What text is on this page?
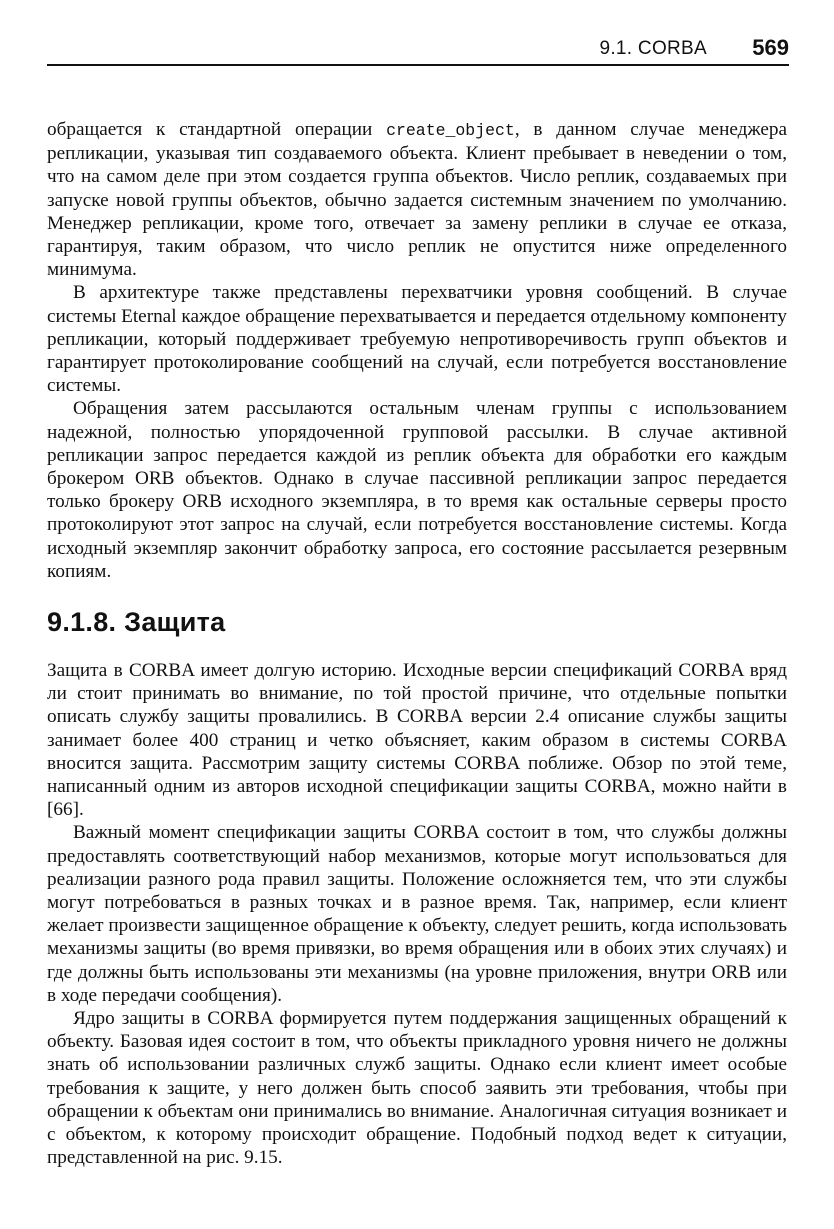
9.1. CORBA 569

обращается к стандартной операции create_object, в данном случае менеджера репликации, указывая тип создаваемого объекта. Клиент пребывает в неведении о том, что на самом деле при этом создается группа объектов. Число реплик, создаваемых при запуске новой группы объектов, обычно задается системным значением по умолчанию. Менеджер репликации, кроме того, отвечает за замену реплики в случае ее отказа, гарантируя, таким образом, что число реплик не опустится ниже определенного минимума.

В архитектуре также представлены перехватчики уровня сообщений. В случае системы Eternal каждое обращение перехватывается и передается отдельному компоненту репликации, который поддерживает требуемую непротиворечивость групп объектов и гарантирует протоколирование сообщений на случай, если потребуется восстановление системы.

Обращения затем рассылаются остальным членам группы с использованием надежной, полностью упорядоченной групповой рассылки. В случае активной репликации запрос передается каждой из реплик объекта для обработки его каждым брокером ORB объектов. Однако в случае пассивной репликации запрос передается только брокеру ORB исходного экземпляра, в то время как остальные серверы просто протоколируют этот запрос на случай, если потребуется восстановление системы. Когда исходный экземпляр закончит обработку запроса, его состояние рассылается резервным копиям.

9.1.8. Защита

Защита в CORBA имеет долгую историю. Исходные версии спецификаций CORBA вряд ли стоит принимать во внимание, по той простой причине, что отдельные попытки описать службу защиты провалились. В CORBA версии 2.4 описание службы защиты занимает более 400 страниц и четко объясняет, каким образом в системы CORBA вносится защита. Рассмотрим защиту системы CORBA поближе. Обзор по этой теме, написанный одним из авторов исходной спецификации защиты CORBA, можно найти в [66].

Важный момент спецификации защиты CORBA состоит в том, что службы должны предоставлять соответствующий набор механизмов, которые могут использоваться для реализации разного рода правил защиты. Положение осложняется тем, что эти службы могут потребоваться в разных точках и в разное время. Так, например, если клиент желает произвести защищенное обращение к объекту, следует решить, когда использовать механизмы защиты (во время привязки, во время обращения или в обоих этих случаях) и где должны быть использованы эти механизмы (на уровне приложения, внутри ORB или в ходе передачи сообщения).

Ядро защиты в CORBA формируется путем поддержания защищенных обращений к объекту. Базовая идея состоит в том, что объекты прикладного уровня ничего не должны знать об использовании различных служб защиты. Однако если клиент имеет особые требования к защите, у него должен быть способ заявить эти требования, чтобы при обращении к объектам они принимались во внимание. Аналогичная ситуация возникает и с объектом, к которому происходит обращение. Подобный подход ведет к ситуации, представленной на рис. 9.15.
